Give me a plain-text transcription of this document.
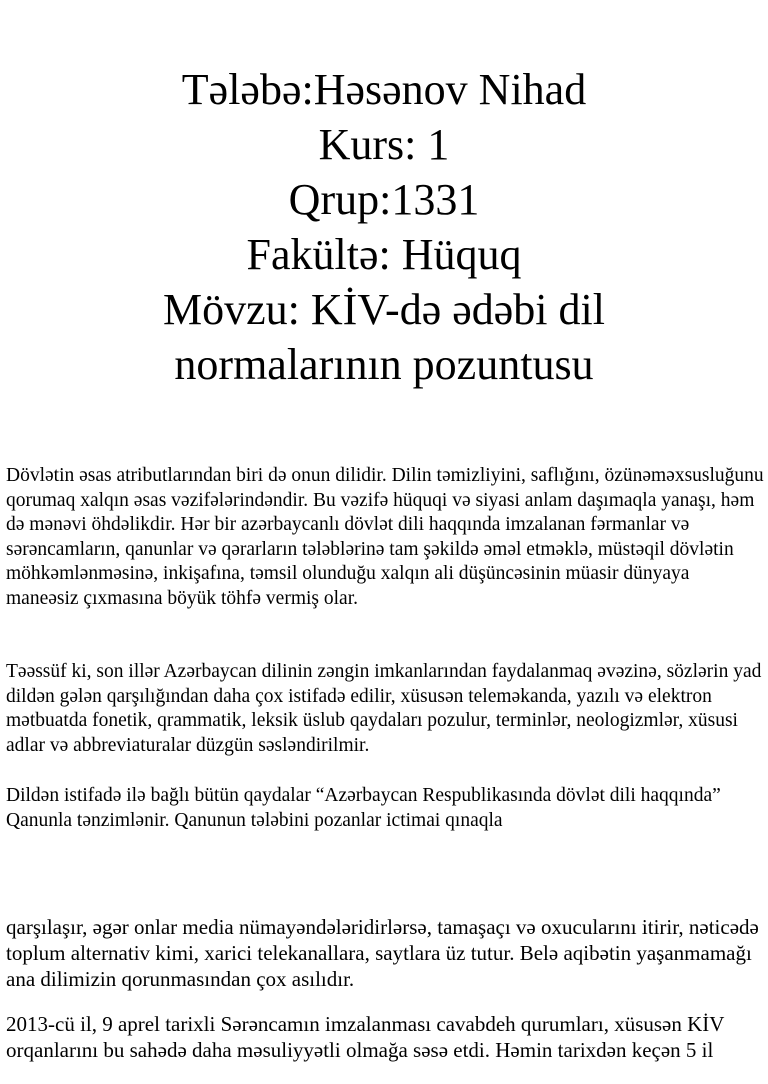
Tələbə:Həsənov Nihad
Kurs: 1
Qrup:1331
Fakültə: Hüquq
Mövzu: KİV-də ədəbi dil
normalarının pozuntusu

Dövlətin əsas atributlarından biri də onun dilidir. Dilin təmizliyini, saflığını, özünəməxsusluğunu qorumaq xalqın əsas vəzifələrindəndir. Bu vəzifə hüquqi və siyasi anlam daşımaqla yanaşı, həm də mənəvi öhdəlikdir. Hər bir azərbaycanlı dövlət dili haqqında imzalanan fərmanlar və sərəncamların, qanunlar və qərarların tələblərinə tam şəkildə əməl etməklə, müstəqil dövlətin möhkəmlənməsinə, inkişafına, təmsil olunduğu xalqın ali düşüncəsinin müasir dünyaya maneəsiz çıxmasına böyük töhfə vermiş olar.

Təəssüf ki, son illər Azərbaycan dilinin zəngin imkanlarından faydalanmaq əvəzinə, sözlərin yad dildən gələn qarşılığından daha çox istifadə edilir, xüsusən teleməkanda, yazılı və elektron mətbuatda fonetik, qrammatik, leksik üslub qaydaları pozulur, terminlər, neologizmlər, xüsusi adlar və abbreviaturalar düzgün səsləndirilmir.

Dildən istifadə ilə bağlı bütün qaydalar “Azərbaycan Respublikasında dövlət dili haqqında” Qanunla tənzimlənir. Qanunun tələbini pozanlar ictimai qınaqla

qarşılaşır, əgər onlar media nümayəndələridirlərsə, tamaşaçı və oxucularını itirir, nəticədə toplum alternativ kimi, xarici telekanallara, saytlara üz tutur. Belə aqibətin yaşanmamağı ana dilimizin qorunmasından çox asılıdır.

2013-cü il, 9 aprel tarixli Sərəncamın imzalanması cavabdeh qurumları, xüsusən KİV orqanlarını bu sahədə daha məsuliyyətli olmağa səsə etdi. Həmin tarixdən keçən 5 il
